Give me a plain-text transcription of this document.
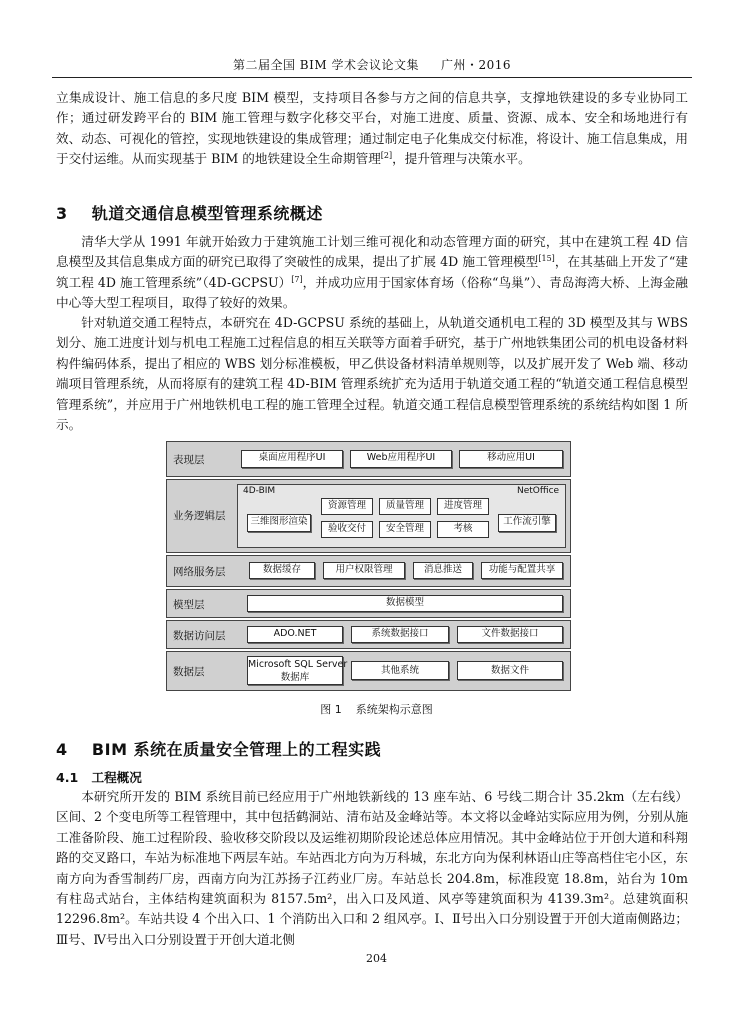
第二届全国 BIM 学术会议论文集 广州・2016

立集成设计、施工信息的多尺度 BIM 模型，支持项目各参与方之间的信息共享，支撑地铁建设的多专业协同工作；通过研发跨平台的 BIM 施工管理与数字化移交平台，对施工进度、质量、资源、成本、安全和场地进行有效、动态、可视化的管控，实现地铁建设的集成管理；通过制定电子化集成交付标准，将设计、施工信息集成，用于交付运维。从而实现基于 BIM 的地铁建设全生命期管理[2]，提升管理与决策水平。

3 轨道交通信息模型管理系统概述

清华大学从 1991 年就开始致力于建筑施工计划三维可视化和动态管理方面的研究，其中在建筑工程 4D 信息模型及其信息集成方面的研究已取得了突破性的成果，提出了扩展 4D 施工管理模型[15]，在其基础上开发了“建筑工程 4D 施工管理系统”（4D-GCPSU）[7]，并成功应用于国家体育场（俗称“鸟巢”）、青岛海湾大桥、上海金融中心等大型工程项目，取得了较好的效果。

针对轨道交通工程特点，本研究在 4D-GCPSU 系统的基础上，从轨道交通机电工程的 3D 模型及其与 WBS 划分、施工进度计划与机电工程施工过程信息的相互关联等方面着手研究，基于广州地铁集团公司的机电设备材料构件编码体系，提出了相应的 WBS 划分标准模板，甲乙供设备材料清单规则等，以及扩展开发了 Web 端、移动端项目管理系统，从而将原有的建筑工程 4D-BIM 管理系统扩充为适用于轨道交通工程的“轨道交通工程信息模型管理系统”，并应用于广州地铁机电工程的施工管理全过程。轨道交通工程信息模型管理系统的系统结构如图 1 所示。

表现层	桌面应用程序UI	Web应用程序UI	移动应用UI
业务逻辑层
4D-BIM	NetOffice
三维图形渲染
资源管理	质量管理	进度管理
验收交付	安全管理	考核
工作流引擎
网络服务层	数据缓存	用户权限管理	消息推送	功能与配置共享
模型层	数据模型
数据访问层	ADO.NET	系统数据接口	文件数据接口
数据层
Microsoft SQL Server
数据库
其他系统	数据文件
图 1 系统架构示意图
4 BIM 系统在质量安全管理上的工程实践
4.1 工程概况

本研究所开发的 BIM 系统目前已经应用于广州地铁新线的 13 座车站、6 号线二期合计 35.2km（左右线）区间、2 个变电所等工程管理中，其中包括鹤洞站、清布站及金峰站等。本文将以金峰站实际应用为例，分别从施工准备阶段、施工过程阶段、验收移交阶段以及运维初期阶段论述总体应用情况。其中金峰站位于开创大道和科翔路的交叉路口，车站为标准地下两层车站。车站西北方向为万科城，东北方向为保利林语山庄等高档住宅小区，东南方向为香雪制药厂房，西南方向为江苏扬子江药业厂房。车站总长 204.8m，标准段宽 18.8m，站台为 10m 有柱岛式站台，主体结构建筑面积为 8157.5m²，出入口及风道、风亭等建筑面积为 4139.3m²。总建筑面积 12296.8m²。车站共设 4 个出入口、1 个消防出入口和 2 组风亭。Ⅰ、Ⅱ号出入口分别设置于开创大道南侧路边；Ⅲ号、Ⅳ号出入口分别设置于开创大道北侧

204
